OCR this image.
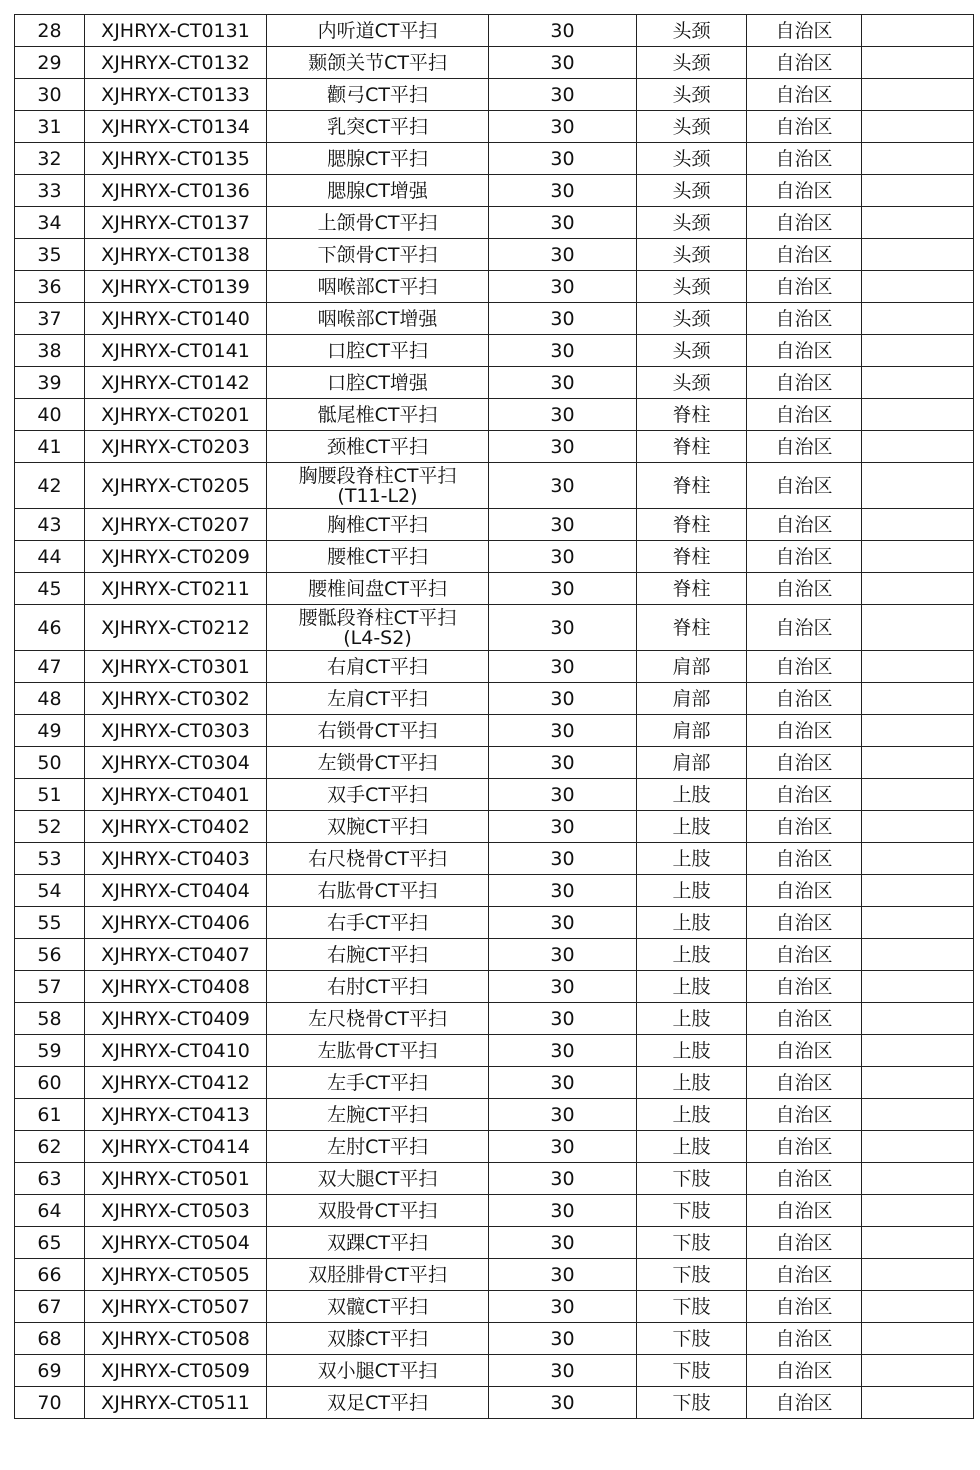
28	XJHRYX-CT0131	内听道CT平扫	30	头颈	自治区	
29	XJHRYX-CT0132	颞颌关节CT平扫	30	头颈	自治区	
30	XJHRYX-CT0133	颧弓CT平扫	30	头颈	自治区	
31	XJHRYX-CT0134	乳突CT平扫	30	头颈	自治区	
32	XJHRYX-CT0135	腮腺CT平扫	30	头颈	自治区	
33	XJHRYX-CT0136	腮腺CT增强	30	头颈	自治区	
34	XJHRYX-CT0137	上颌骨CT平扫	30	头颈	自治区	
35	XJHRYX-CT0138	下颌骨CT平扫	30	头颈	自治区	
36	XJHRYX-CT0139	咽喉部CT平扫	30	头颈	自治区	
37	XJHRYX-CT0140	咽喉部CT增强	30	头颈	自治区	
38	XJHRYX-CT0141	口腔CT平扫	30	头颈	自治区	
39	XJHRYX-CT0142	口腔CT增强	30	头颈	自治区	
40	XJHRYX-CT0201	骶尾椎CT平扫	30	脊柱	自治区	
41	XJHRYX-CT0203	颈椎CT平扫	30	脊柱	自治区	
42	XJHRYX-CT0205	胸腰段脊柱CT平扫
(T11-L2)	30	脊柱	自治区	
43	XJHRYX-CT0207	胸椎CT平扫	30	脊柱	自治区	
44	XJHRYX-CT0209	腰椎CT平扫	30	脊柱	自治区	
45	XJHRYX-CT0211	腰椎间盘CT平扫	30	脊柱	自治区	
46	XJHRYX-CT0212	腰骶段脊柱CT平扫
(L4-S2)	30	脊柱	自治区	
47	XJHRYX-CT0301	右肩CT平扫	30	肩部	自治区	
48	XJHRYX-CT0302	左肩CT平扫	30	肩部	自治区	
49	XJHRYX-CT0303	右锁骨CT平扫	30	肩部	自治区	
50	XJHRYX-CT0304	左锁骨CT平扫	30	肩部	自治区	
51	XJHRYX-CT0401	双手CT平扫	30	上肢	自治区	
52	XJHRYX-CT0402	双腕CT平扫	30	上肢	自治区	
53	XJHRYX-CT0403	右尺桡骨CT平扫	30	上肢	自治区	
54	XJHRYX-CT0404	右肱骨CT平扫	30	上肢	自治区	
55	XJHRYX-CT0406	右手CT平扫	30	上肢	自治区	
56	XJHRYX-CT0407	右腕CT平扫	30	上肢	自治区	
57	XJHRYX-CT0408	右肘CT平扫	30	上肢	自治区	
58	XJHRYX-CT0409	左尺桡骨CT平扫	30	上肢	自治区	
59	XJHRYX-CT0410	左肱骨CT平扫	30	上肢	自治区	
60	XJHRYX-CT0412	左手CT平扫	30	上肢	自治区	
61	XJHRYX-CT0413	左腕CT平扫	30	上肢	自治区	
62	XJHRYX-CT0414	左肘CT平扫	30	上肢	自治区	
63	XJHRYX-CT0501	双大腿CT平扫	30	下肢	自治区	
64	XJHRYX-CT0503	双股骨CT平扫	30	下肢	自治区	
65	XJHRYX-CT0504	双踝CT平扫	30	下肢	自治区	
66	XJHRYX-CT0505	双胫腓骨CT平扫	30	下肢	自治区	
67	XJHRYX-CT0507	双髋CT平扫	30	下肢	自治区	
68	XJHRYX-CT0508	双膝CT平扫	30	下肢	自治区	
69	XJHRYX-CT0509	双小腿CT平扫	30	下肢	自治区	
70	XJHRYX-CT0511	双足CT平扫	30	下肢	自治区	
